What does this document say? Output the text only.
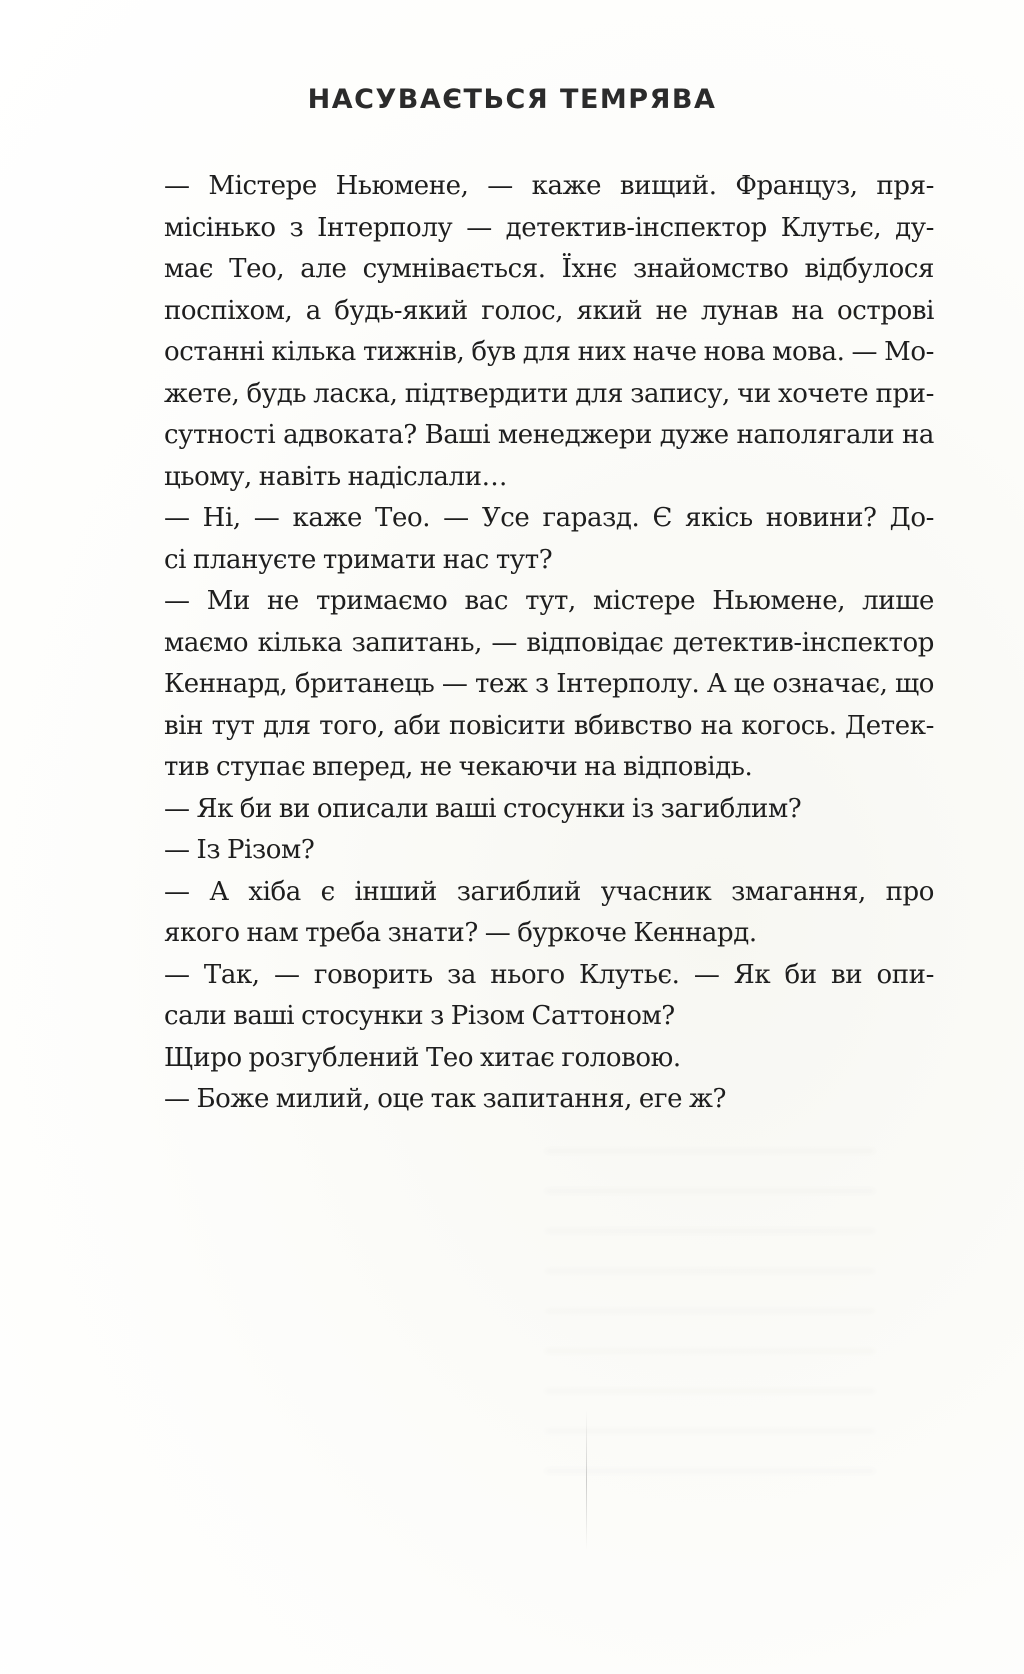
НАСУВАЄТЬСЯ ТЕМРЯВА
— Містере Ньюмене, — каже вищий. Француз, пря-
місінько з Інтерполу — детектив-інспектор Клутьє, ду-
має Тео, але сумнівається. Їхнє знайомство відбулося
поспіхом, а будь-який голос, який не лунав на острові
останні кілька тижнів, був для них наче нова мова. — Мо-
жете, будь ласка, підтвердити для запису, чи хочете при-
сутності адвоката? Ваші менеджери дуже наполягали на
цьому, навіть надіслали…
— Ні, — каже Тео. — Усе гаразд. Є якісь новини? До-
сі плануєте тримати нас тут?
— Ми не тримаємо вас тут, містере Ньюмене, лише
маємо кілька запитань, — відповідає детектив-інспектор
Кеннард, британець — теж з Інтерполу. А це означає, що
він тут для того, аби повісити вбивство на когось. Детек-
тив ступає вперед, не чекаючи на відповідь.
— Як би ви описали ваші стосунки із загиблим?
— Із Різом?
— А хіба є інший загиблий учасник змагання, про
якого нам треба знати? — буркоче Кеннард.
— Так, — говорить за нього Клутьє. — Як би ви опи-
сали ваші стосунки з Різом Саттоном?
Щиро розгублений Тео хитає головою.
— Боже милий, оце так запитання, еге ж?
